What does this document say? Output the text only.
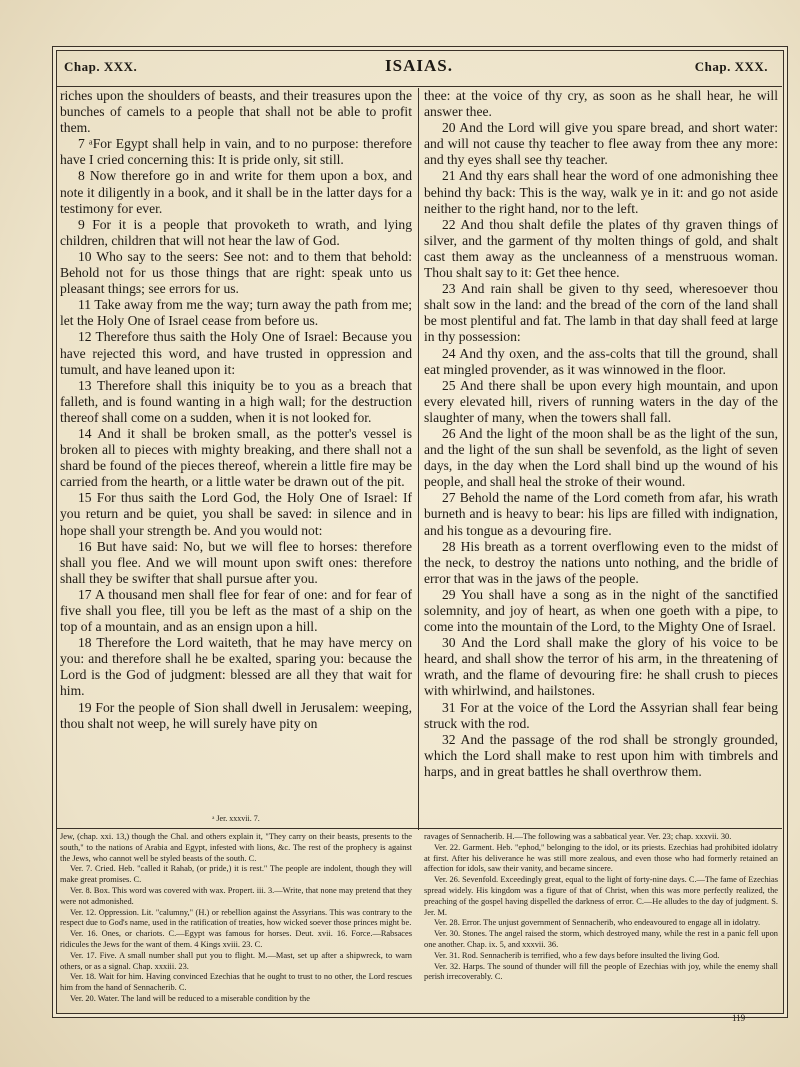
Chap. XXX.	ISAIAS.	Chap. XXX.

riches upon the shoulders of beasts, and their treasures upon the bunches of camels to a people that shall not be able to profit them.

7 ᵃFor Egypt shall help in vain, and to no purpose: therefore have I cried concerning this: It is pride only, sit still.

8 Now therefore go in and write for them upon a box, and note it diligently in a book, and it shall be in the latter days for a testimony for ever.

9 For it is a people that provoketh to wrath, and lying children, children that will not hear the law of God.

10 Who say to the seers: See not: and to them that behold: Behold not for us those things that are right: speak unto us pleasant things; see errors for us.

11 Take away from me the way; turn away the path from me; let the Holy One of Israel cease from before us.

12 Therefore thus saith the Holy One of Israel: Because you have rejected this word, and have trusted in oppression and tumult, and have leaned upon it:

13 Therefore shall this iniquity be to you as a breach that falleth, and is found wanting in a high wall; for the destruction thereof shall come on a sudden, when it is not looked for.

14 And it shall be broken small, as the potter's vessel is broken all to pieces with mighty breaking, and there shall not a shard be found of the pieces thereof, wherein a little fire may be carried from the hearth, or a little water be drawn out of the pit.

15 For thus saith the Lord God, the Holy One of Israel: If you return and be quiet, you shall be saved: in silence and in hope shall your strength be. And you would not:

16 But have said: No, but we will flee to horses: therefore shall you flee. And we will mount upon swift ones: therefore shall they be swifter that shall pursue after you.

17 A thousand men shall flee for fear of one: and for fear of five shall you flee, till you be left as the mast of a ship on the top of a mountain, and as an ensign upon a hill.

18 Therefore the Lord waiteth, that he may have mercy on you: and therefore shall he be exalted, sparing you: because the Lord is the God of judgment: blessed are all they that wait for him.

19 For the people of Sion shall dwell in Jerusalem: weeping, thou shalt not weep, he will surely have pity on

thee: at the voice of thy cry, as soon as he shall hear, he will answer thee.

20 And the Lord will give you spare bread, and short water: and will not cause thy teacher to flee away from thee any more: and thy eyes shall see thy teacher.

21 And thy ears shall hear the word of one admonishing thee behind thy back: This is the way, walk ye in it: and go not aside neither to the right hand, nor to the left.

22 And thou shalt defile the plates of thy graven things of silver, and the garment of thy molten things of gold, and shalt cast them away as the uncleanness of a menstruous woman. Thou shalt say to it: Get thee hence.

23 And rain shall be given to thy seed, wheresoever thou shalt sow in the land: and the bread of the corn of the land shall be most plentiful and fat. The lamb in that day shall feed at large in thy possession:

24 And thy oxen, and the ass-colts that till the ground, shall eat mingled provender, as it was winnowed in the floor.

25 And there shall be upon every high mountain, and upon every elevated hill, rivers of running waters in the day of the slaughter of many, when the towers shall fall.

26 And the light of the moon shall be as the light of the sun, and the light of the sun shall be sevenfold, as the light of seven days, in the day when the Lord shall bind up the wound of his people, and shall heal the stroke of their wound.

27 Behold the name of the Lord cometh from afar, his wrath burneth and is heavy to bear: his lips are filled with indignation, and his tongue as a devouring fire.

28 His breath as a torrent overflowing even to the midst of the neck, to destroy the nations unto nothing, and the bridle of error that was in the jaws of the people.

29 You shall have a song as in the night of the sanctified solemnity, and joy of heart, as when one goeth with a pipe, to come into the mountain of the Lord, to the Mighty One of Israel.

30 And the Lord shall make the glory of his voice to be heard, and shall show the terror of his arm, in the threatening of wrath, and the flame of devouring fire: he shall crush to pieces with whirlwind, and hailstones.

31 For at the voice of the Lord the Assyrian shall fear being struck with the rod.

32 And the passage of the rod shall be strongly grounded, which the Lord shall make to rest upon him with timbrels and harps, and in great battles he shall overthrow them.

ᵃ Jer. xxxvii. 7.

Jew, (chap. xxi. 13,) though the Chal. and others explain it, "They carry on their beasts, presents to the south," to the nations of Arabia and Egypt, infested with lions, &c. The rest of the prophecy is against the Jews, who cannot well be styled beasts of the south. C.

Ver. 7. Cried. Heb. "called it Rahab, (or pride,) it is rest." The people are indolent, though they will make great promises. C.

Ver. 8. Box. This word was covered with wax. Propert. iii. 3.—Write, that none may pretend that they were not admonished.

Ver. 12. Oppression. Lit. "calumny," (H.) or rebellion against the Assyrians. This was contrary to the respect due to God's name, used in the ratification of treaties, how wicked soever those princes might be.

Ver. 16. Ones, or chariots. C.—Egypt was famous for horses. Deut. xvii. 16. Force.—Rabsaces ridicules the Jews for the want of them. 4 Kings xviii. 23. C.

Ver. 17. Five. A small number shall put you to flight. M.—Mast, set up after a shipwreck, to warn others, or as a signal. Chap. xxxiii. 23.

Ver. 18. Wait for him. Having convinced Ezechias that he ought to trust to no other, the Lord rescues him from the hand of Sennacherib. C.

Ver. 20. Water. The land will be reduced to a miserable condition by the

ravages of Sennacherib. H.—The following was a sabbatical year. Ver. 23; chap. xxxvii. 30.

Ver. 22. Garment. Heb. "ephod," belonging to the idol, or its priests. Ezechias had prohibited idolatry at first. After his deliverance he was still more zealous, and even those who had formerly retained an affection for idols, saw their vanity, and became sincere.

Ver. 26. Sevenfold. Exceedingly great, equal to the light of forty-nine days. C.—The fame of Ezechias spread widely. His kingdom was a figure of that of Christ, when this was more perfectly realized, the preaching of the gospel having dispelled the darkness of error. C.—He alludes to the day of judgment. S. Jer. M.

Ver. 28. Error. The unjust government of Sennacherib, who endeavoured to engage all in idolatry.

Ver. 30. Stones. The angel raised the storm, which destroyed many, while the rest in a panic fell upon one another. Chap. ix. 5, and xxxvii. 36.

Ver. 31. Rod. Sennacherib is terrified, who a few days before insulted the living God.

Ver. 32. Harps. The sound of thunder will fill the people of Ezechias with joy, while the enemy shall perish irrecoverably. C.

119
